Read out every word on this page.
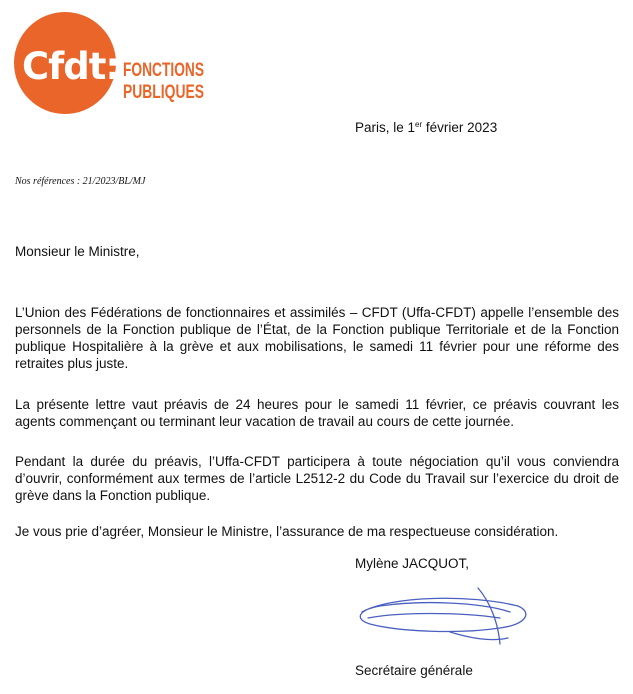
Cfdt: FONCTIONS
PUBLIQUES
Paris, le 1er février 2023
Nos références : 21/2023/BL/MJ
Monsieur le Ministre,

L’Union des Fédérations de fonctionnaires et assimilés – CFDT (Uffa-CFDT) appelle l’ensemble des personnels de la Fonction publique de l’État, de la Fonction publique Territoriale et de la Fonction publique Hospitalière à la grève et aux mobilisations, le samedi 11 février pour une réforme des retraites plus juste.

La présente lettre vaut préavis de 24 heures pour le samedi 11 février, ce préavis couvrant les agents commençant ou terminant leur vacation de travail au cours de cette journée.

Pendant la durée du préavis, l’Uffa-CFDT participera à toute négociation qu’il vous conviendra d’ouvrir, conformément aux termes de l’article L2512-2 du Code du Travail sur l’exercice du droit de grève dans la Fonction publique.

Je vous prie d’agréer, Monsieur le Ministre, l’assurance de ma respectueuse considération.

Mylène JACQUOT,
Secrétaire générale
